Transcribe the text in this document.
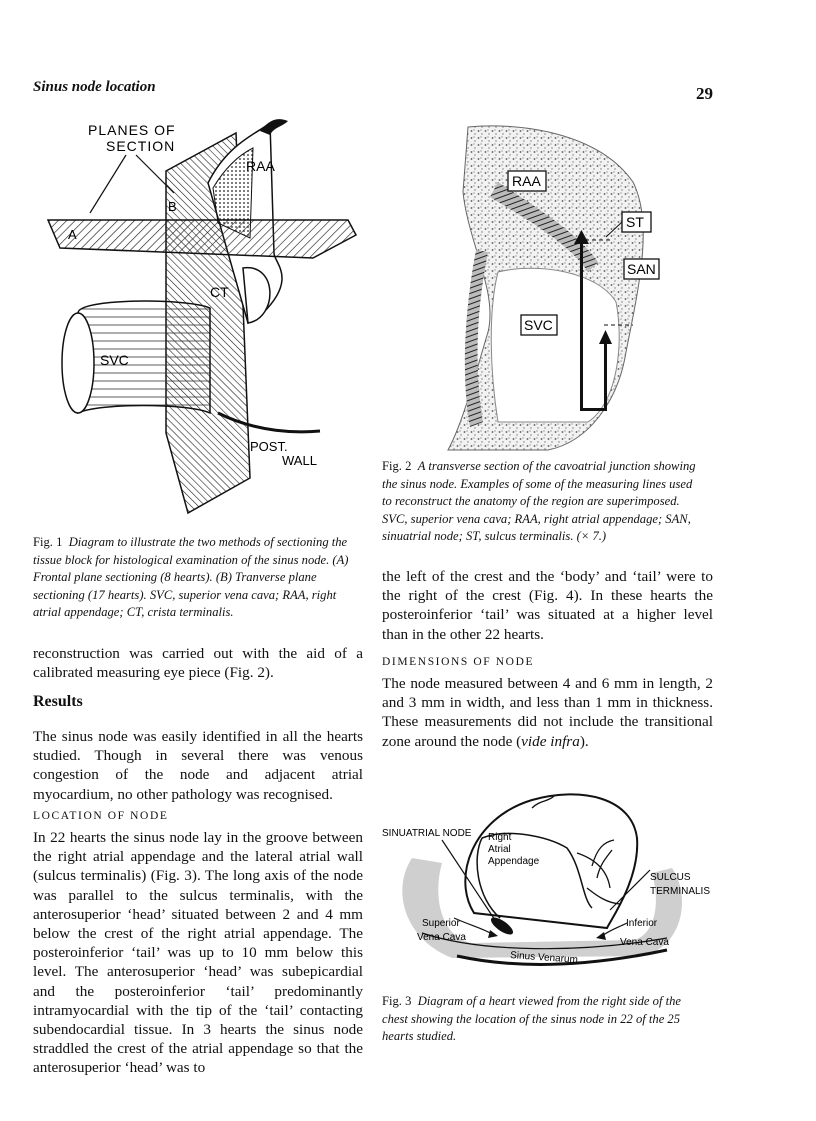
Sinus node location	29
PLANES OF
SECTION
RAA
A
B
CT
SVC
POST.
WALL
Fig. 1 Diagram to illustrate the two methods of sectioning the tissue block for histological examination of the sinus node. (A) Frontal plane sectioning (8 hearts). (B) Tranverse plane sectioning (17 hearts). SVC, superior vena cava; RAA, right atrial appendage; CT, crista terminalis.
reconstruction was carried out with the aid of a calibrated measuring eye piece (Fig. 2).
Results
The sinus node was easily identified in all the hearts studied. Though in several there was venous congestion of the node and adjacent atrial myocardium, no other pathology was recognised.
LOCATION OF NODE
In 22 hearts the sinus node lay in the groove between the right atrial appendage and the lateral atrial wall (sulcus terminalis) (Fig. 3). The long axis of the node was parallel to the sulcus terminalis, with the anterosuperior ‘head’ situated between 2 and 4 mm below the crest of the right atrial appendage. The posteroinferior ‘tail’ was up to 10 mm below this level. The anterosuperior ‘head’ was subepicardial and the posteroinferior ‘tail’ predominantly intramyocardial with the tip of the ‘tail’ contacting subendocardial tissue. In 3 hearts the sinus node straddled the crest of the atrial appendage so that the anterosuperior ‘head’ was to
RAA
ST
SAN
SVC
Fig. 2 A transverse section of the cavoatrial junction showing the sinus node. Examples of some of the measuring lines used to reconstruct the anatomy of the region are superimposed. SVC, superior vena cava; RAA, right atrial appendage; SAN, sinuatrial node; ST, sulcus terminalis. (× 7.)
the left of the crest and the ‘body’ and ‘tail’ were to the right of the crest (Fig. 4). In these hearts the posteroinferior ‘tail’ was situated at a higher level than in the other 22 hearts.
DIMENSIONS OF NODE
The node measured between 4 and 6 mm in length, 2 and 3 mm in width, and less than 1 mm in thickness. These measurements did not include the transitional zone around the node (vide infra).
SINUATRIAL NODE Right
Atrial
Appendage
SULCUS
TERMINALIS
Superior
Vena Cava
Inferior
Vena Cava
Sinus Venarum
Fig. 3 Diagram of a heart viewed from the right side of the chest showing the location of the sinus node in 22 of the 25 hearts studied.
